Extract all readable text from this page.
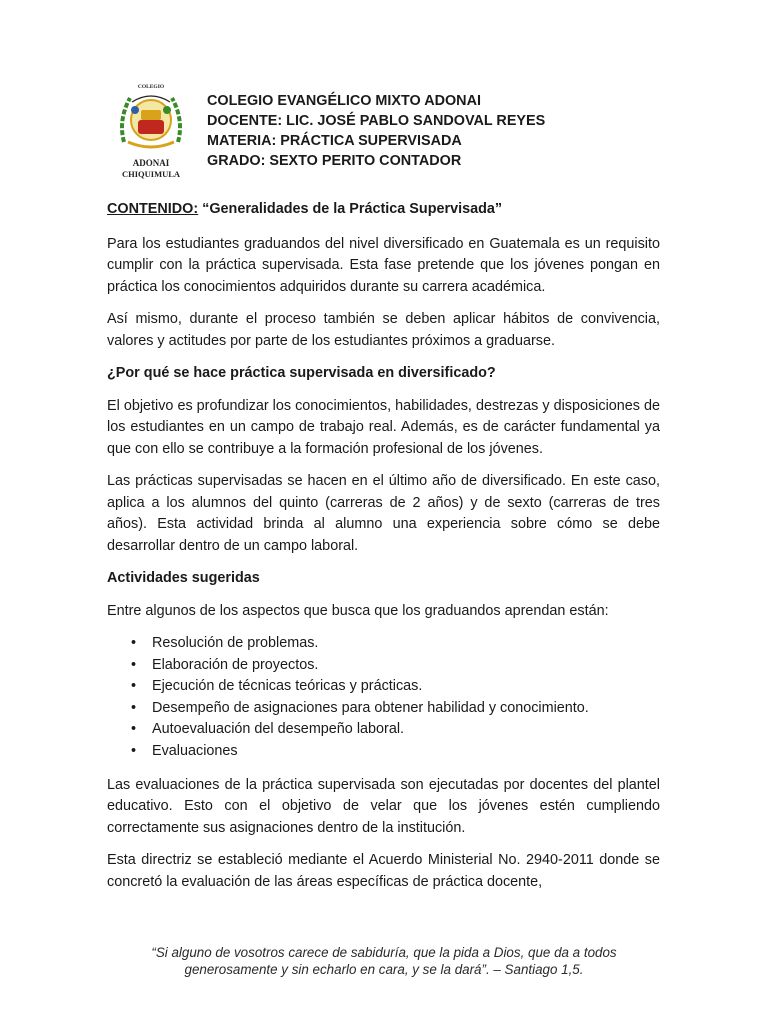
COLEGIO
ADONAI
CHIQUIMULA
COLEGIO EVANGÉLICO MIXTO ADONAI
DOCENTE: LIC. JOSÉ PABLO SANDOVAL REYES
MATERIA: PRÁCTICA SUPERVISADA
GRADO: SEXTO PERITO CONTADOR
CONTENIDO: “Generalidades de la Práctica Supervisada”

Para los estudiantes graduandos del nivel diversificado en Guatemala es un requisito cumplir con la práctica supervisada. Esta fase pretende que los jóvenes pongan en práctica los conocimientos adquiridos durante su carrera académica.

Así mismo, durante el proceso también se deben aplicar hábitos de convivencia, valores y actitudes por parte de los estudiantes próximos a graduarse.

¿Por qué se hace práctica supervisada en diversificado?

El objetivo es profundizar los conocimientos, habilidades, destrezas y disposiciones de los estudiantes en un campo de trabajo real. Además, es de carácter fundamental ya que con ello se contribuye a la formación profesional de los jóvenes.

Las prácticas supervisadas se hacen en el último año de diversificado. En este caso, aplica a los alumnos del quinto (carreras de 2 años) y de sexto (carreras de tres años). Esta actividad brinda al alumno una experiencia sobre cómo se debe desarrollar dentro de un campo laboral.

Actividades sugeridas

Entre algunos de los aspectos que busca que los graduandos aprendan están:

• Resolución de problemas.
• Elaboración de proyectos.
• Ejecución de técnicas teóricas y prácticas.
• Desempeño de asignaciones para obtener habilidad y conocimiento.
• Autoevaluación del desempeño laboral.
• Evaluaciones

Las evaluaciones de la práctica supervisada son ejecutadas por docentes del plantel educativo. Esto con el objetivo de velar que los jóvenes estén cumpliendo correctamente sus asignaciones dentro de la institución.

Esta directriz se estableció mediante el Acuerdo Ministerial No. 2940-2011 donde se concretó la evaluación de las áreas específicas de práctica docente,

“Si alguno de vosotros carece de sabiduría, que la pida a Dios, que da a todos
generosamente y sin echarlo en cara, y se la dará”. – Santiago 1,5.
